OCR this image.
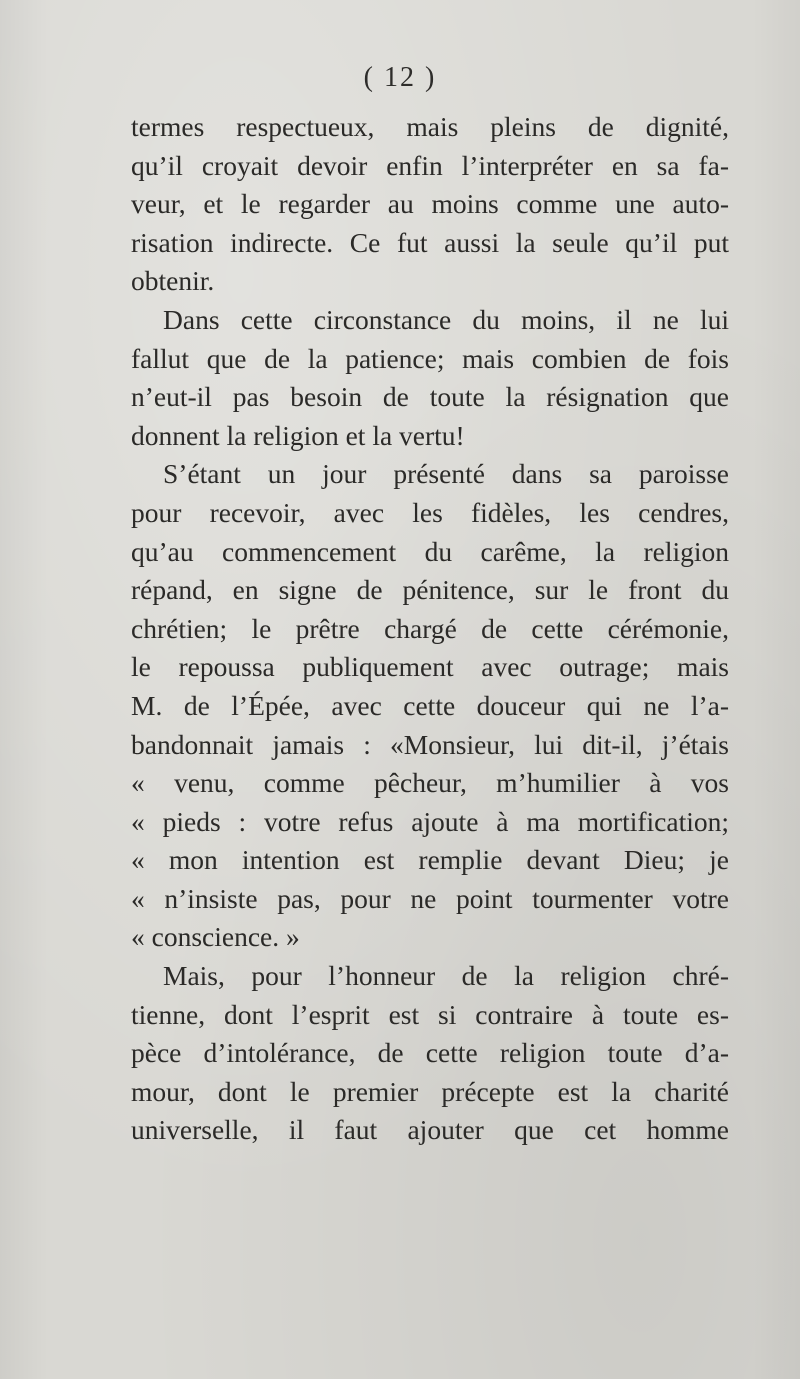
( 12 )
termes respectueux, mais pleins de dignité,
qu’il croyait devoir enfin l’interpréter en sa fa-
veur, et le regarder au moins comme une auto-
risation indirecte. Ce fut aussi la seule qu’il put
obtenir.
Dans cette circonstance du moins, il ne lui
fallut que de la patience; mais combien de fois
n’eut-il pas besoin de toute la résignation que
donnent la religion et la vertu!
S’étant un jour présenté dans sa paroisse
pour recevoir, avec les fidèles, les cendres,
qu’au commencement du carême, la religion
répand, en signe de pénitence, sur le front du
chrétien; le prêtre chargé de cette cérémonie,
le repoussa publiquement avec outrage; mais
M. de l’Épée, avec cette douceur qui ne l’a-
bandonnait jamais : «Monsieur, lui dit-il, j’étais
« venu, comme pêcheur, m’humilier à vos
« pieds : votre refus ajoute à ma mortification;
« mon intention est remplie devant Dieu; je
« n’insiste pas, pour ne point tourmenter votre
« conscience. »
Mais, pour l’honneur de la religion chré-
tienne, dont l’esprit est si contraire à toute es-
pèce d’intolérance, de cette religion toute d’a-
mour, dont le premier précepte est la charité
universelle, il faut ajouter que cet homme
